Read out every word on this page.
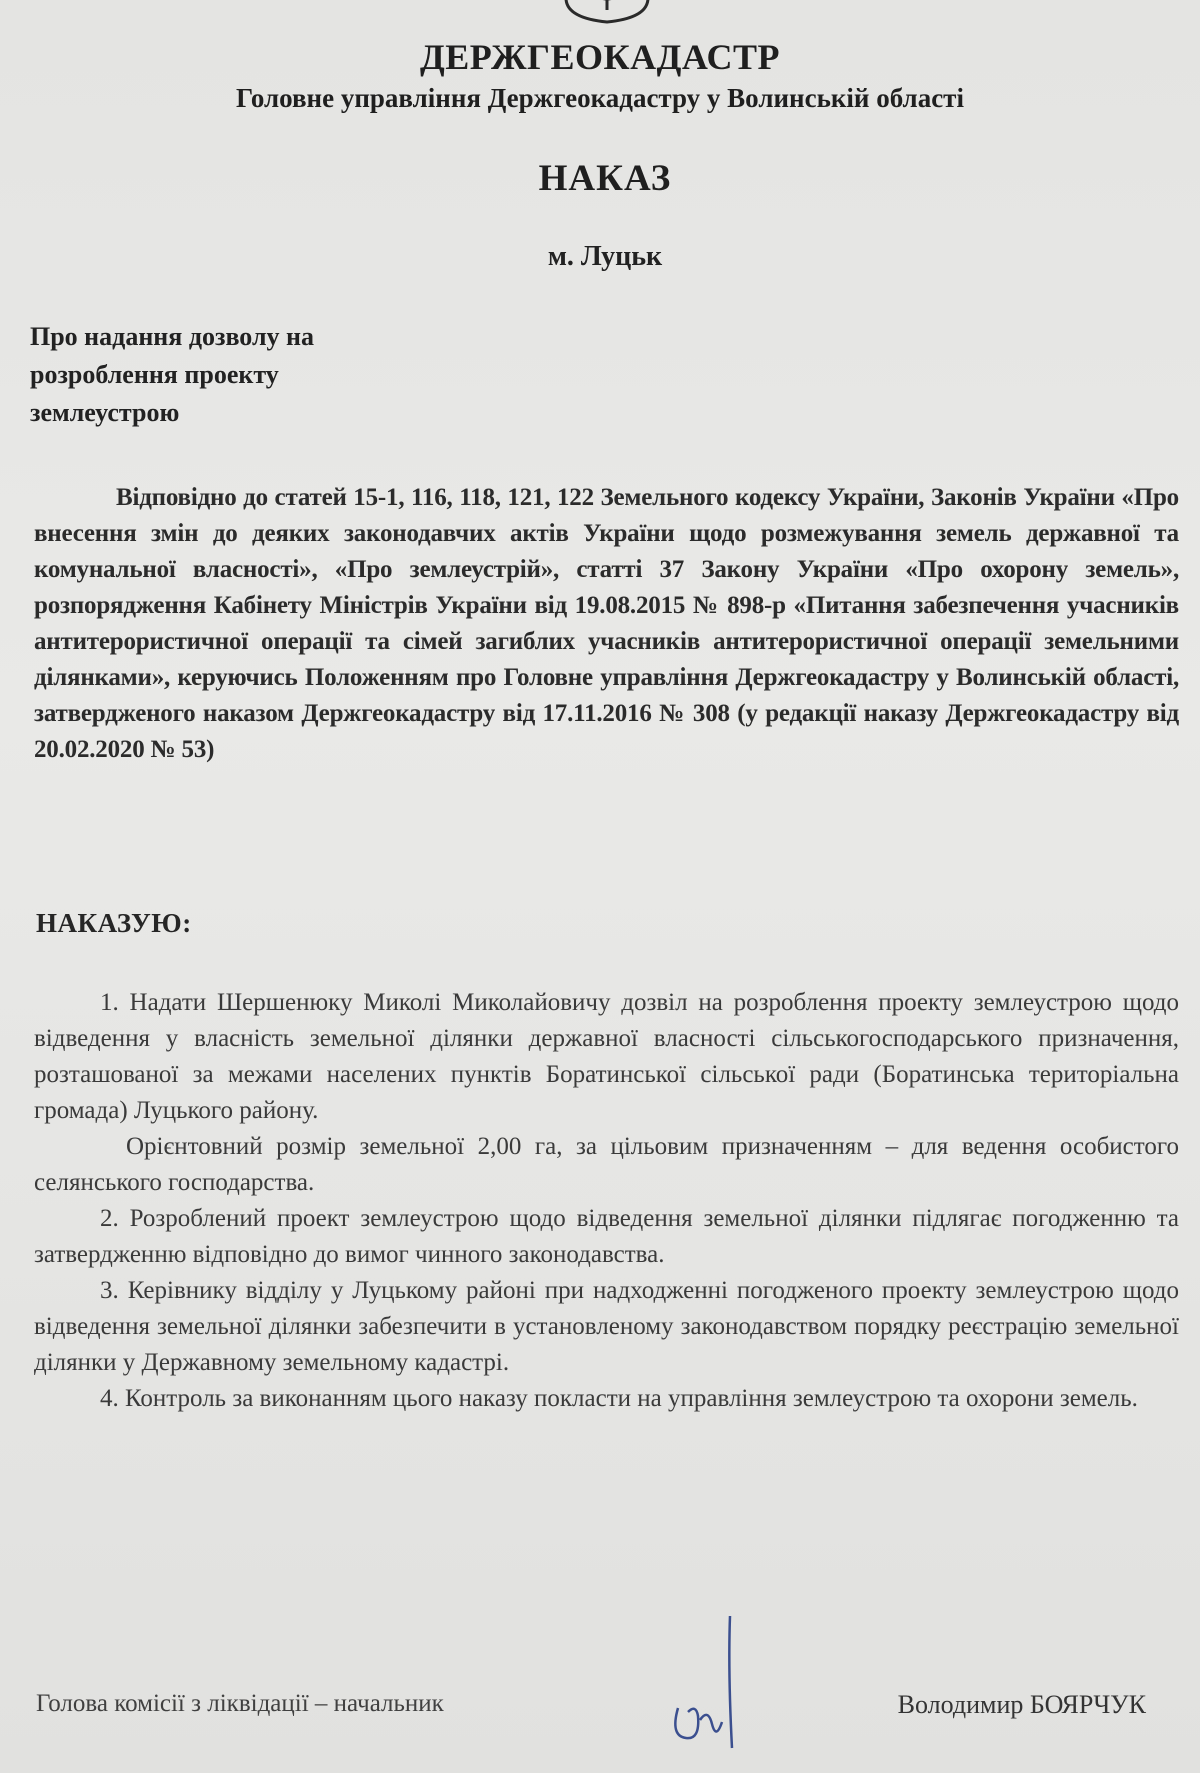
ДЕРЖГЕОКАДАСТР
Головне управління Держгеокадастру у Волинській області
НАКАЗ
м. Луцьк
Про надання дозволу на
розроблення проекту
землеустрою
Відповідно до статей 15-1, 116, 118, 121, 122 Земельного кодексу України, Законів України «Про внесення змін до деяких законодавчих актів України щодо розмежування земель державної та комунальної власності», «Про землеустрій», статті 37 Закону України «Про охорону земель», розпорядження Кабінету Міністрів України від 19.08.2015 № 898-р «Питання забезпечення учасників антитерористичної операції та сімей загиблих учасників антитерористичної операції земельними ділянками», керуючись Положенням про Головне управління Держгеокадастру у Волинській області, затвердженого наказом Держгеокадастру від 17.11.2016 № 308 (у редакції наказу Держгеокадастру від 20.02.2020 № 53)
НАКАЗУЮ:

1. Надати Шершенюку Миколі Миколайовичу дозвіл на розроблення проекту землеустрою щодо відведення у власність земельної ділянки державної власності сільськогосподарського призначення, розташованої за межами населених пунктів Боратинської сільської ради (Боратинська територіальна громада) Луцького району.

Орієнтовний розмір земельної 2,00 га, за цільовим призначенням – для ведення особистого селянського господарства.

2. Розроблений проект землеустрою щодо відведення земельної ділянки підлягає погодженню та затвердженню відповідно до вимог чинного законодавства.

3. Керівнику відділу у Луцькому районі при надходженні погодженого проекту землеустрою щодо відведення земельної ділянки забезпечити в установленому законодавством порядку реєстрацію земельної ділянки у Державному земельному кадастрі.

4. Контроль за виконанням цього наказу покласти на управління землеустрою та охорони земель.

Голова комісії з ліквідації – начальник	Володимир БОЯРЧУК
